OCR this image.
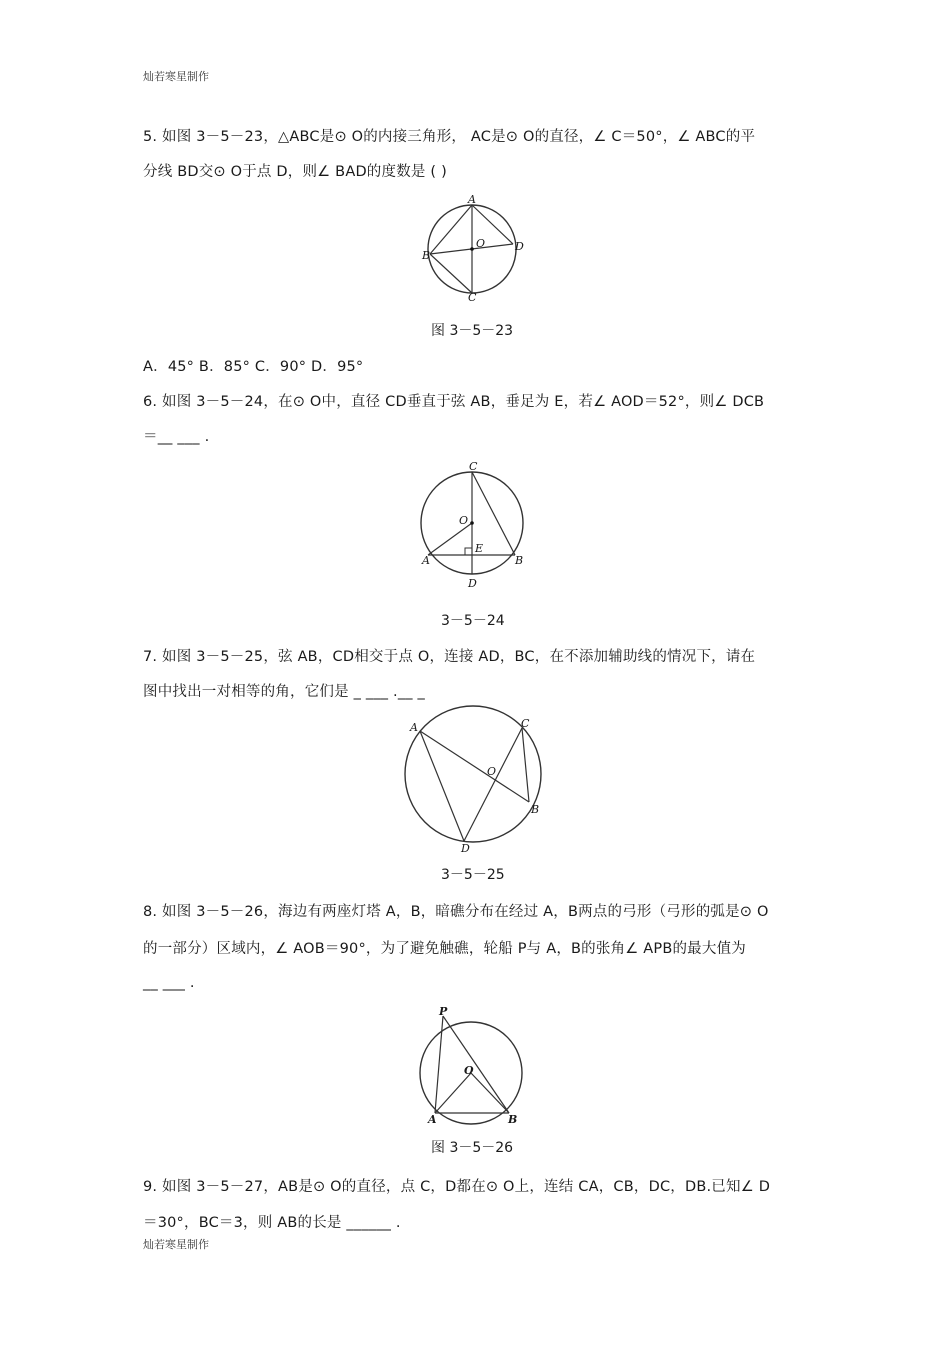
灿若寒星制作
5. 如图 3－5－23，△ABC是⊙ O的内接三角形， AC是⊙ O的直径，∠ C＝50°，∠ ABC的平
分线 BD交⊙ O于点 D，则∠ BAD的度数是 ( )
A
B
C
D
O
图 3－5－23
A．45° B．85° C．90° D．95°
6. 如图 3－5－24，在⊙ O中，直径 CD垂直于弦 AB，垂足为 E，若∠ AOD＝52°，则∠ DCB
＝__ ___ .
C
O
E
A	B
D
3－5－24
7. 如图 3－5－25，弦 AB，CD相交于点 O，连接 AD，BC，在不添加辅助线的情况下，请在
图中找出一对相等的角，它们是 _ ___ .__ _
A	C
O
B
D
3－5－25
8. 如图 3－5－26，海边有两座灯塔 A，B，暗礁分布在经过 A，B两点的弓形（弓形的弧是⊙ O
的一部分）区域内，∠ AOB＝90°，为了避免触礁，轮船 P与 A，B的张角∠ APB的最大值为
__ ___ .
P
O
A	B
图 3－5－26
9. 如图 3－5－27，AB是⊙ O的直径，点 C，D都在⊙ O上，连结 CA，CB，DC，DB.已知∠ D
＝30°，BC＝3，则 AB的长是 ______ .
灿若寒星制作
